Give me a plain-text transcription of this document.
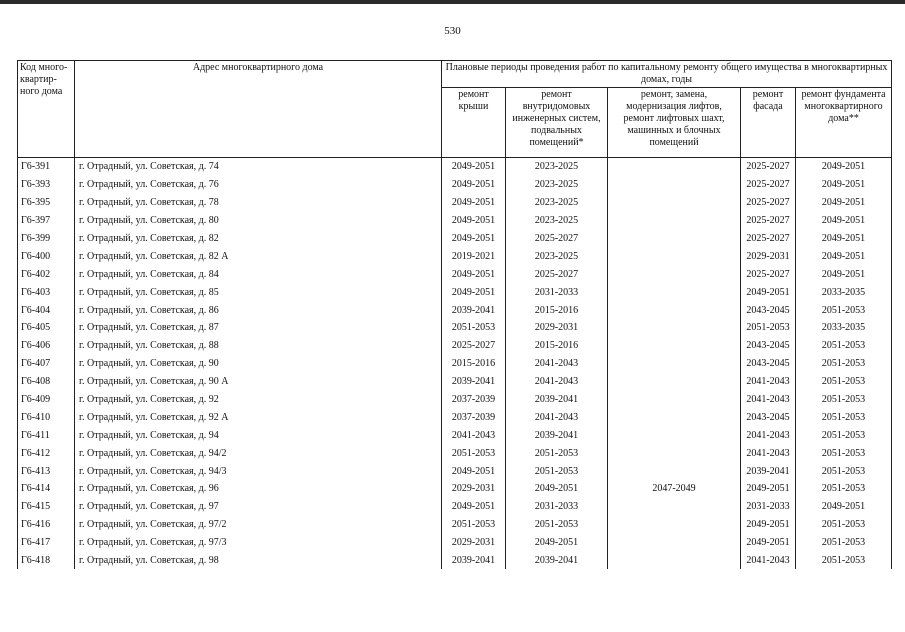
530
Код много-квартир-ного дома	Адрес многоквартирного дома	Плановые периоды проведения работ по капитальному ремонту общего имущества в многоквартирных домах, годы				
		ремонт крыши	ремонт внутридомовых инженерных систем, подвальных помещений*	ремонт, замена, модернизация лифтов, ремонт лифтовых шахт, машинных и блочных помещений	ремонт фасада	ремонт фундамента многоквартирного дома**
Г6-391	г. Отрадный, ул. Советская, д. 74	2049-2051	2023-2025		2025-2027	2049-2051
Г6-393	г. Отрадный, ул. Советская, д. 76	2049-2051	2023-2025		2025-2027	2049-2051
Г6-395	г. Отрадный, ул. Советская, д. 78	2049-2051	2023-2025		2025-2027	2049-2051
Г6-397	г. Отрадный, ул. Советская, д. 80	2049-2051	2023-2025		2025-2027	2049-2051
Г6-399	г. Отрадный, ул. Советская, д. 82	2049-2051	2025-2027		2025-2027	2049-2051
Г6-400	г. Отрадный, ул. Советская, д. 82 А	2019-2021	2023-2025		2029-2031	2049-2051
Г6-402	г. Отрадный, ул. Советская, д. 84	2049-2051	2025-2027		2025-2027	2049-2051
Г6-403	г. Отрадный, ул. Советская, д. 85	2049-2051	2031-2033		2049-2051	2033-2035
Г6-404	г. Отрадный, ул. Советская, д. 86	2039-2041	2015-2016		2043-2045	2051-2053
Г6-405	г. Отрадный, ул. Советская, д. 87	2051-2053	2029-2031		2051-2053	2033-2035
Г6-406	г. Отрадный, ул. Советская, д. 88	2025-2027	2015-2016		2043-2045	2051-2053
Г6-407	г. Отрадный, ул. Советская, д. 90	2015-2016	2041-2043		2043-2045	2051-2053
Г6-408	г. Отрадный, ул. Советская, д. 90 А	2039-2041	2041-2043		2041-2043	2051-2053
Г6-409	г. Отрадный, ул. Советская, д. 92	2037-2039	2039-2041		2041-2043	2051-2053
Г6-410	г. Отрадный, ул. Советская, д. 92 А	2037-2039	2041-2043		2043-2045	2051-2053
Г6-411	г. Отрадный, ул. Советская, д. 94	2041-2043	2039-2041		2041-2043	2051-2053
Г6-412	г. Отрадный, ул. Советская, д. 94/2	2051-2053	2051-2053		2041-2043	2051-2053
Г6-413	г. Отрадный, ул. Советская, д. 94/3	2049-2051	2051-2053		2039-2041	2051-2053
Г6-414	г. Отрадный, ул. Советская, д. 96	2029-2031	2049-2051	2047-2049	2049-2051	2051-2053
Г6-415	г. Отрадный, ул. Советская, д. 97	2049-2051	2031-2033		2031-2033	2049-2051
Г6-416	г. Отрадный, ул. Советская, д. 97/2	2051-2053	2051-2053		2049-2051	2051-2053
Г6-417	г. Отрадный, ул. Советская, д. 97/3	2029-2031	2049-2051		2049-2051	2051-2053
Г6-418	г. Отрадный, ул. Советская, д. 98	2039-2041	2039-2041		2041-2043	2051-2053
